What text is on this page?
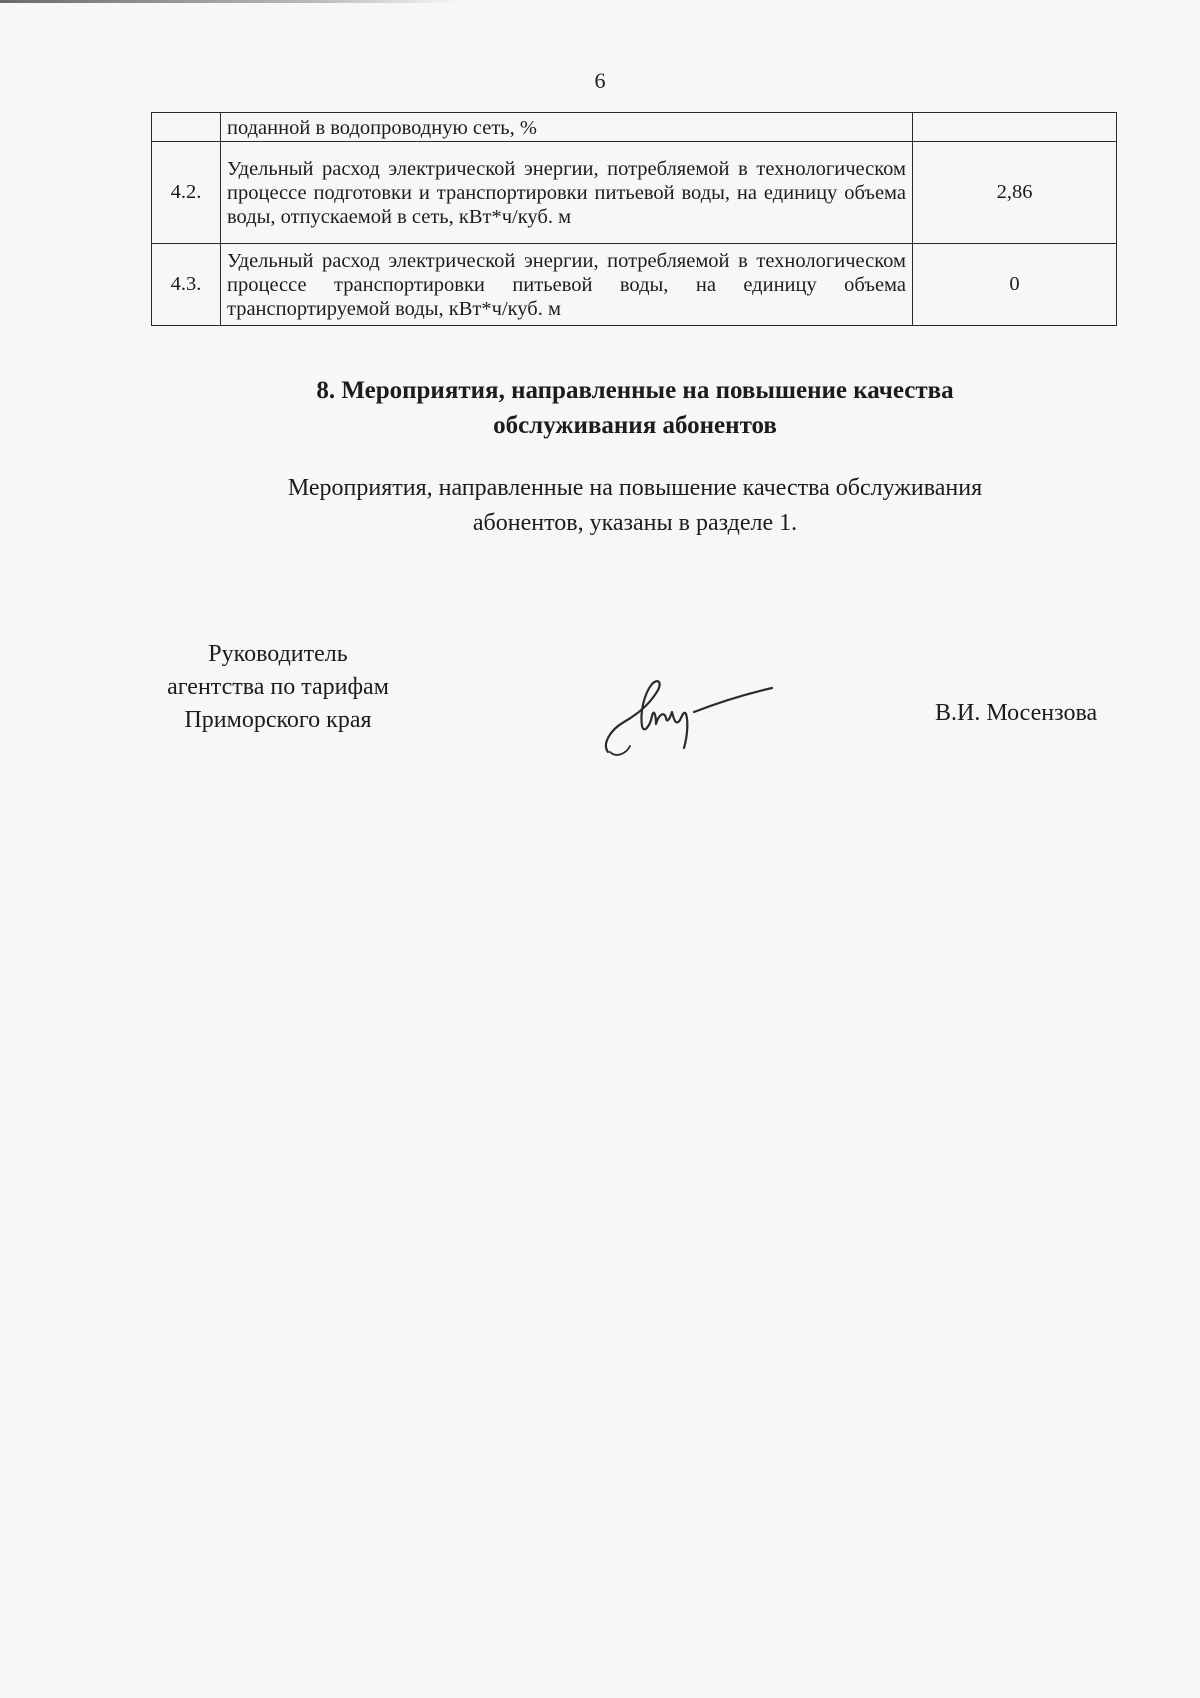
6
	поданной в водопроводную сеть, %	
4.2.	Удельный расход электрической энергии, потребляемой в технологическом процессе подготовки и транспортировки питьевой воды, на единицу объема воды, отпускаемой в сеть, кВт*ч/куб. м	2,86
4.3.	Удельный расход электрической энергии, потребляемой в технологическом процессе транспортировки питьевой воды, на единицу объема транспортируемой воды, кВт*ч/куб. м	0
8. Мероприятия, направленные на повышение качества
обслуживания абонентов
Мероприятия, направленные на повышение качества обслуживания
абонентов, указаны в разделе 1.
Руководитель
агентства по тарифам
Приморского края	В.И. Мосензова
